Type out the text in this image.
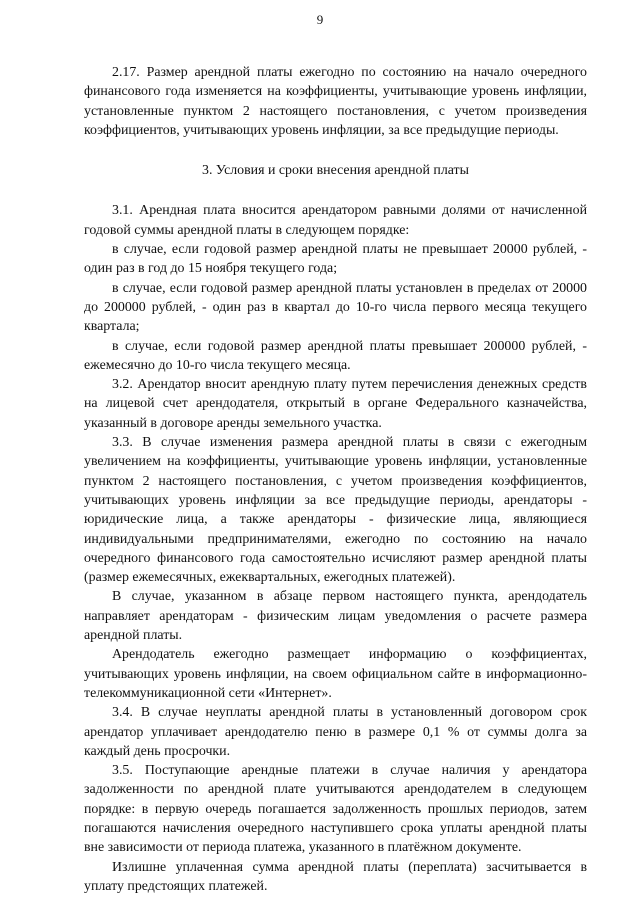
9

2.17. Размер арендной платы ежегодно по состоянию на начало очередного финансового года изменяется на коэффициенты, учитывающие уровень инфляции, установленные пунктом 2 настоящего постановления, с учетом произведения коэффициентов, учитывающих уровень инфляции, за все предыдущие периоды.

3. Условия и сроки внесения арендной платы

3.1. Арендная плата вносится арендатором равными долями от начисленной годовой суммы арендной платы в следующем порядке:

в случае, если годовой размер арендной платы не превышает 20000 рублей, - один раз в год до 15 ноября текущего года;

в случае, если годовой размер арендной платы установлен в пределах от 20000 до 200000 рублей, - один раз в квартал до 10-го числа первого месяца текущего квартала;

в случае, если годовой размер арендной платы превышает 200000 рублей, - ежемесячно до 10-го числа текущего месяца.

3.2. Арендатор вносит арендную плату путем перечисления денежных средств на лицевой счет арендодателя, открытый в органе Федерального казначейства, указанный в договоре аренды земельного участка.

3.3. В случае изменения размера арендной платы в связи с ежегодным увеличением на коэффициенты, учитывающие уровень инфляции, установленные пунктом 2 настоящего постановления, с учетом произведения коэффициентов, учитывающих уровень инфляции за все предыдущие периоды, арендаторы - юридические лица, а также арендаторы - физические лица, являющиеся индивидуальными предпринимателями, ежегодно по состоянию на начало очередного финансового года самостоятельно исчисляют размер арендной платы (размер ежемесячных, ежеквартальных, ежегодных платежей).

В случае, указанном в абзаце первом настоящего пункта, арендодатель направляет арендаторам - физическим лицам уведомления о расчете размера арендной платы.

Арендодатель ежегодно размещает информацию о коэффициентах, учитывающих уровень инфляции, на своем официальном сайте в информационно-телекоммуникационной сети «Интернет».

3.4. В случае неуплаты арендной платы в установленный договором срок арендатор уплачивает арендодателю пеню в размере 0,1 % от суммы долга за каждый день просрочки.

3.5. Поступающие арендные платежи в случае наличия у арендатора задолженности по арендной плате учитываются арендодателем в следующем порядке: в первую очередь погашается задолженность прошлых периодов, затем погашаются начисления очередного наступившего срока уплаты арендной платы вне зависимости от периода платежа, указанного в платёжном документе.

Излишне уплаченная сумма арендной платы (переплата) засчитывается в уплату предстоящих платежей.
